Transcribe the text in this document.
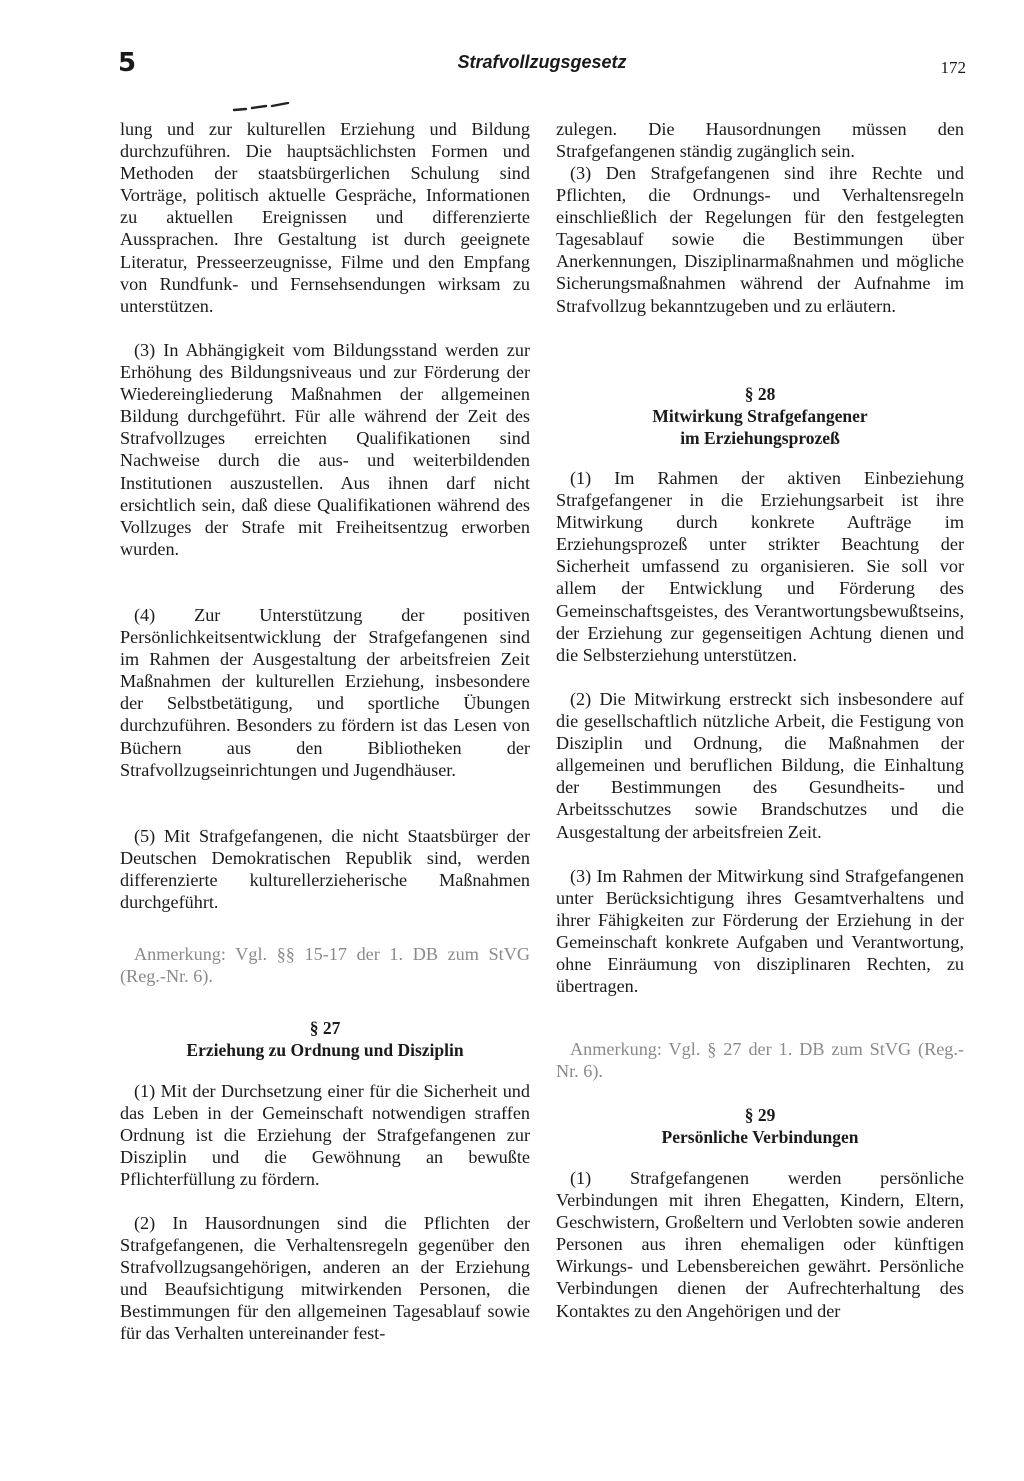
5	Strafvollzugsgesetz	172

lung und zur kulturellen Erziehung und Bildung durchzuführen. Die hauptsächlichsten Formen und Methoden der staatsbürgerlichen Schulung sind Vorträge, politisch aktuelle Gespräche, Informationen zu aktuellen Ereignissen und differenzierte Aussprachen. Ihre Gestaltung ist durch geeignete Literatur, Presseerzeugnisse, Filme und den Empfang von Rundfunk- und Fernsehsendungen wirksam zu unterstützen.

(3) In Abhängigkeit vom Bildungsstand werden zur Erhöhung des Bildungsniveaus und zur Förderung der Wiedereingliederung Maßnahmen der allgemeinen Bildung durchgeführt. Für alle während der Zeit des Strafvollzuges erreichten Qualifikationen sind Nachweise durch die aus- und weiterbildenden Institutionen auszustellen. Aus ihnen darf nicht ersichtlich sein, daß diese Qualifikationen während des Vollzuges der Strafe mit Freiheitsentzug erworben wurden.

(4) Zur Unterstützung der positiven Persönlichkeitsentwicklung der Strafgefangenen sind im Rahmen der Ausgestaltung der arbeitsfreien Zeit Maßnahmen der kulturellen Erziehung, insbesondere der Selbstbetätigung, und sportliche Übungen durchzuführen. Besonders zu fördern ist das Lesen von Büchern aus den Bibliotheken der Strafvollzugseinrichtungen und Jugendhäuser.

(5) Mit Strafgefangenen, die nicht Staatsbürger der Deutschen Demokratischen Republik sind, werden differenzierte kulturellerzieherische Maßnahmen durchgeführt.

Anmerkung: Vgl. §§ 15-17 der 1. DB zum StVG (Reg.-Nr. 6).

§ 27
Erziehung zu Ordnung und Disziplin

(1) Mit der Durchsetzung einer für die Sicherheit und das Leben in der Gemeinschaft notwendigen straffen Ordnung ist die Erziehung der Strafgefangenen zur Disziplin und die Gewöhnung an bewußte Pflichterfüllung zu fördern.

(2) In Hausordnungen sind die Pflichten der Strafgefangenen, die Verhaltensregeln gegenüber den Strafvollzugsangehörigen, anderen an der Erziehung und Beaufsichtigung mitwirkenden Personen, die Bestimmungen für den allgemeinen Tagesablauf sowie für das Verhalten untereinander fest-

zulegen. Die Hausordnungen müssen den Strafgefangenen ständig zugänglich sein.

(3) Den Strafgefangenen sind ihre Rechte und Pflichten, die Ordnungs- und Verhaltensregeln einschließlich der Regelungen für den festgelegten Tagesablauf sowie die Bestimmungen über Anerkennungen, Disziplinarmaßnahmen und mögliche Sicherungsmaßnahmen während der Aufnahme im Strafvollzug bekanntzugeben und zu erläutern.

§ 28
Mitwirkung Strafgefangener
im Erziehungsprozeß

(1) Im Rahmen der aktiven Einbeziehung Strafgefangener in die Erziehungsarbeit ist ihre Mitwirkung durch konkrete Aufträge im Erziehungsprozeß unter strikter Beachtung der Sicherheit umfassend zu organisieren. Sie soll vor allem der Entwicklung und Förderung des Gemeinschaftsgeistes, des Verantwortungsbewußtseins, der Erziehung zur gegenseitigen Achtung dienen und die Selbsterziehung unterstützen.

(2) Die Mitwirkung erstreckt sich insbesondere auf die gesellschaftlich nützliche Arbeit, die Festigung von Disziplin und Ordnung, die Maßnahmen der allgemeinen und beruflichen Bildung, die Einhaltung der Bestimmungen des Gesundheits- und Arbeitsschutzes sowie Brandschutzes und die Ausgestaltung der arbeitsfreien Zeit.

(3) Im Rahmen der Mitwirkung sind Strafgefangenen unter Berücksichtigung ihres Gesamtverhaltens und ihrer Fähigkeiten zur Förderung der Erziehung in der Gemeinschaft konkrete Aufgaben und Verantwortung, ohne Einräumung von disziplinaren Rechten, zu übertragen.

Anmerkung: Vgl. § 27 der 1. DB zum StVG (Reg.-Nr. 6).

§ 29
Persönliche Verbindungen

(1) Strafgefangenen werden persönliche Verbindungen mit ihren Ehegatten, Kindern, Eltern, Geschwistern, Großeltern und Verlobten sowie anderen Personen aus ihren ehemaligen oder künftigen Wirkungs- und Lebensbereichen gewährt. Persönliche Verbindungen dienen der Aufrechterhaltung des Kontaktes zu den Angehörigen und der
